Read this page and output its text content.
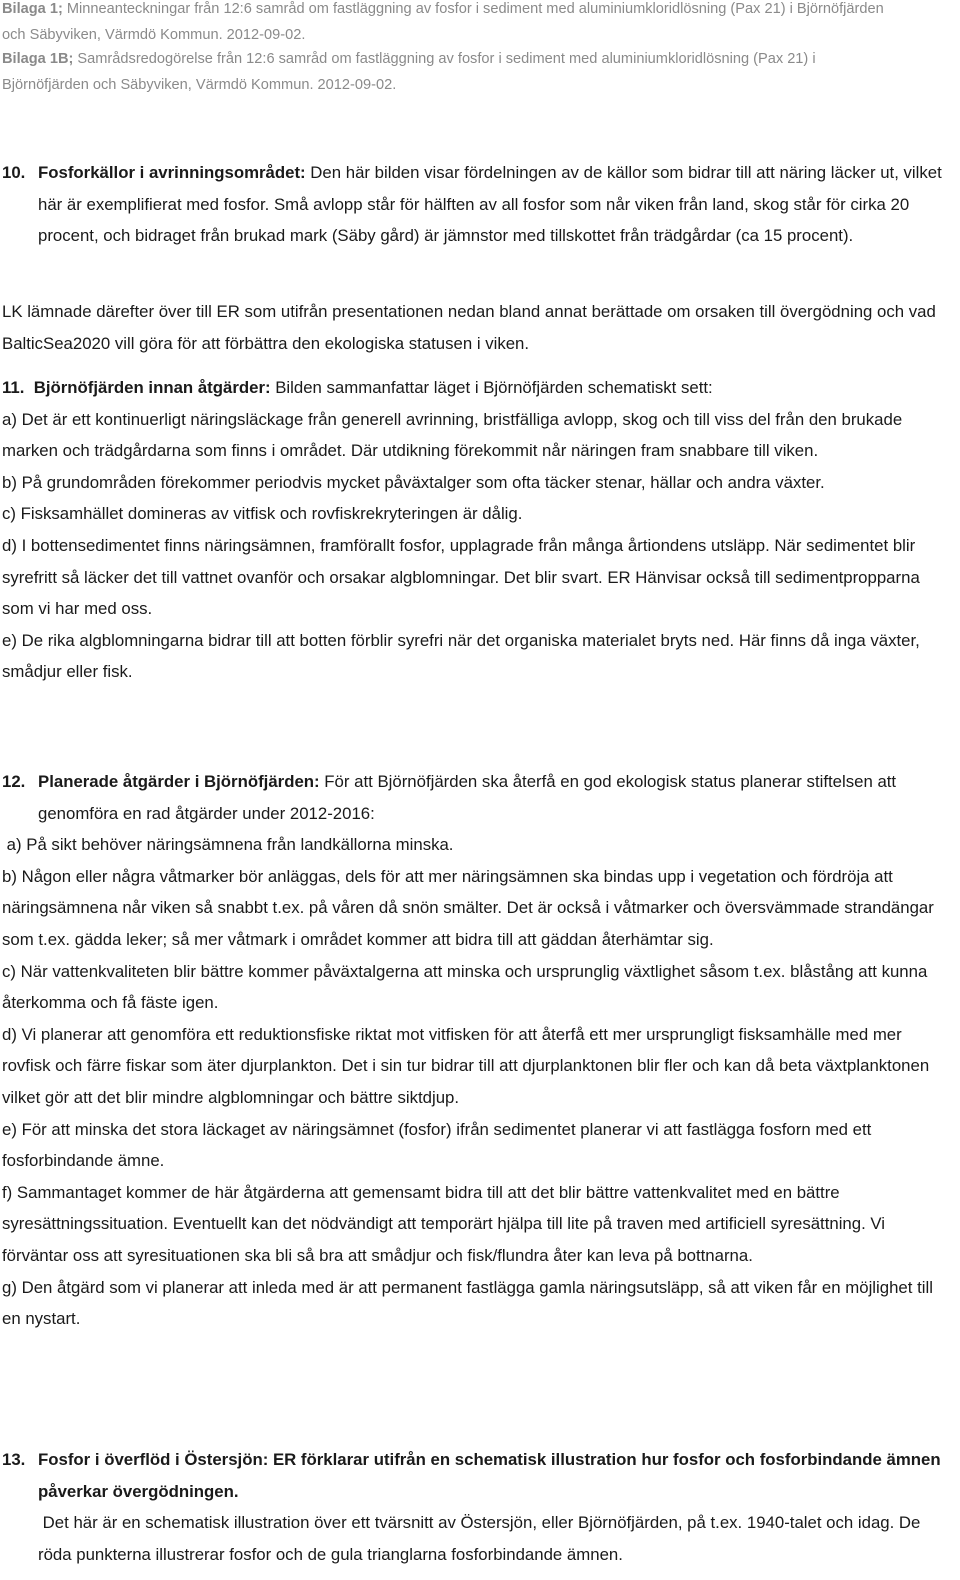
Bilaga 1; Minneanteckningar från 12:6 samråd om fastläggning av fosfor i sediment med aluminiumkloridlösning (Pax 21) i Björnöfjärden och Säbyviken, Värmdö Kommun. 2012-09-02.

Bilaga 1B; Samrådsredogörelse från 12:6 samråd om fastläggning av fosfor i sediment med aluminiumkloridlösning (Pax 21) i Björnöfjärden och Säbyviken, Värmdö Kommun. 2012-09-02.

10. Fosforkällor i avrinningsområdet: Den här bilden visar fördelningen av de källor som bidrar till att näring läcker ut, vilket här är exemplifierat med fosfor. Små avlopp står för hälften av all fosfor som når viken från land, skog står för cirka 20 procent, och bidraget från brukad mark (Säby gård) är jämnstor med tillskottet från trädgårdar (ca 15 procent).

LK lämnade därefter över till ER som utifrån presentationen nedan bland annat berättade om orsaken till övergödning och vad BalticSea2020 vill göra för att förbättra den ekologiska statusen i viken.

11. Björnöfjärden innan åtgärder: Bilden sammanfattar läget i Björnöfjärden schematiskt sett:

a) Det är ett kontinuerligt näringsläckage från generell avrinning, bristfälliga avlopp, skog och till viss del från den brukade marken och trädgårdarna som finns i området. Där utdikning förekommit når näringen fram snabbare till viken.

b) På grundområden förekommer periodvis mycket påväxtalger som ofta täcker stenar, hällar och andra växter.

c) Fisksamhället domineras av vitfisk och rovfiskrekryteringen är dålig.

d) I bottensedimentet finns näringsämnen, framförallt fosfor, upplagrade från många årtiondens utsläpp. När sedimentet blir syrefritt så läcker det till vattnet ovanför och orsakar algblomningar. Det blir svart. ER Hänvisar också till sedimentpropparna som vi har med oss.

e) De rika algblomningarna bidrar till att botten förblir syrefri när det organiska materialet bryts ned. Här finns då inga växter, smådjur eller fisk.

12. Planerade åtgärder i Björnöfjärden: För att Björnöfjärden ska återfå en god ekologisk status planerar stiftelsen att genomföra en rad åtgärder under 2012-2016:

a) På sikt behöver näringsämnena från landkällorna minska.

b) Någon eller några våtmarker bör anläggas, dels för att mer näringsämnen ska bindas upp i vegetation och fördröja att näringsämnena når viken så snabbt t.ex. på våren då snön smälter. Det är också i våtmarker och översvämmade strandängar som t.ex. gädda leker; så mer våtmark i området kommer att bidra till att gäddan återhämtar sig.

c) När vattenkvaliteten blir bättre kommer påväxtalgerna att minska och ursprunglig växtlighet såsom t.ex. blåstång att kunna återkomma och få fäste igen.

d) Vi planerar att genomföra ett reduktionsfiske riktat mot vitfisken för att återfå ett mer ursprungligt fisksamhälle med mer rovfisk och färre fiskar som äter djurplankton. Det i sin tur bidrar till att djurplanktonen blir fler och kan då beta växtplanktonen vilket gör att det blir mindre algblomningar och bättre siktdjup.

e) För att minska det stora läckaget av näringsämnet (fosfor) ifrån sedimentet planerar vi att fastlägga fosforn med ett fosforbindande ämne.

f) Sammantaget kommer de här åtgärderna att gemensamt bidra till att det blir bättre vattenkvalitet med en bättre syresättningssituation. Eventuellt kan det nödvändigt att temporärt hjälpa till lite på traven med artificiell syresättning. Vi förväntar oss att syresituationen ska bli så bra att smådjur och fisk/flundra åter kan leva på bottnarna.

g) Den åtgärd som vi planerar att inleda med är att permanent fastlägga gamla näringsutsläpp, så att viken får en möjlighet till en nystart.

13. Fosfor i överflöd i Östersjön: ER förklarar utifrån en schematisk illustration hur fosfor och fosforbindande ämnen påverkar övergödningen.
Det här är en schematisk illustration över ett tvärsnitt av Östersjön, eller Björnöfjärden, på t.ex. 1940-talet och idag. De röda punkterna illustrerar fosfor och de gula trianglarna fosforbindande ämnen.
